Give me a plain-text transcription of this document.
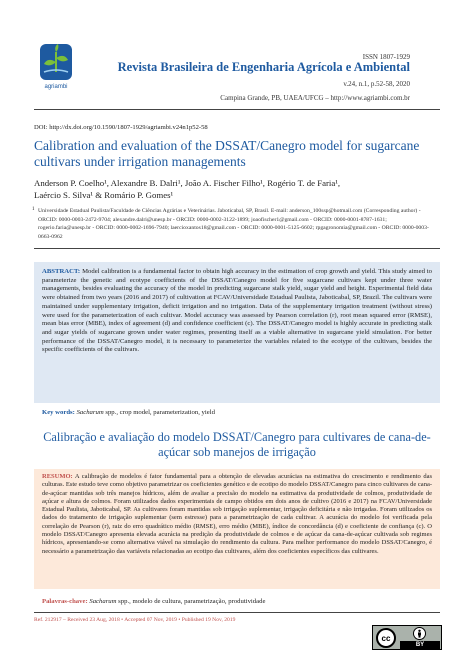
agriambi
ISSN 1807-1929
Revista Brasileira de Engenharia Agrícola e Ambiental
v.24, n.1, p.52-58, 2020
Campina Grande, PB, UAEA/UFCG – http://www.agriambi.com.br
DOI: http://dx.doi.org/10.1590/1807-1929/agriambi.v24n1p52-58
Calibration and evaluation of the DSSAT/Canegro model for sugarcane cultivars under irrigation managements
Anderson P. Coelho¹, Alexandre B. Dalri¹, João A. Fischer Filho¹, Rogério T. de Faria¹,
Laércio S. Silva¹ & Romário P. Gomes¹
1 Universidade Estadual Paulista/Faculdade de Ciências Agrárias e Veterinárias. Jaboticabal, SP, Brasil. E-mail: anderson_100ssp@hotmail.com (Corresponding author) - ORCID: 0000-0003-2472-9704; alexandre.dalri@unesp.br - ORCID: 0000-0002-3122-1899; joaofischer1@gmail.com - ORCID: 0000-0001-8787-1631; rogerio.faria@unesp.br - ORCID: 0000-0002-1696-7940; laercioxantos18@gmail.com - ORCID: 0000-0001-5125-6602; rpgagronomia@gmail.com - ORCID: 0000-0003-0663-0962
ABSTRACT: Model calibration is a fundamental factor to obtain high accuracy in the estimation of crop growth and yield. This study aimed to parameterize the genetic and ecotype coefficients of the DSSAT/Canegro model for five sugarcane cultivars kept under three water managements, besides evaluating the accuracy of the model in predicting sugarcane stalk yield, sugar yield and height. Experimental field data were obtained from two years (2016 and 2017) of cultivation at FCAV/Universidade Estadual Paulista, Jaboticabal, SP, Brazil. The cultivars were maintained under supplementary irrigation, deficit irrigation and no irrigation. Data of the supplementary irrigation treatment (without stress) were used for the parameterization of each cultivar. Model accuracy was assessed by Pearson correlation (r), root mean squared error (RMSE), mean bias error (MBE), index of agreement (d) and confidence coefficient (c). The DSSAT/Canegro model is highly accurate in predicting stalk and sugar yields of sugarcane grown under water regimes, presenting itself as a viable alternative in sugarcane yield simulation. For better performance of the DSSAT/Canegro model, it is necessary to parameterize the variables related to the ecotype of the cultivars, besides the specific coefficients of the cultivars.
Key words: Sacharum spp., crop model, parameterization, yield
Calibração e avaliação do modelo DSSAT/Canegro para cultivares de cana-de-açúcar sob manejos de irrigação
RESUMO: A calibração de modelos é fator fundamental para a obtenção de elevadas acurácias na estimativa do crescimento e rendimento das culturas. Este estudo teve como objetivo parametrizar os coeficientes genético e de ecotipo do modelo DSSAT/Canegro para cinco cultivares de cana-de-açúcar mantidas sob três manejos hídricos, além de avaliar a precisão do modelo na estimativa da produtividade de colmos, produtividade de açúcar e altura de colmos. Foram utilizados dados experimentais de campo obtidos em dois anos de cultivo (2016 e 2017) na FCAV/Universidade Estadual Paulista, Jaboticabal, SP. As cultivares foram mantidas sob irrigação suplementar, irrigação deficitária e não irrigadas. Foram utilizados os dados do tratamento de irrigação suplementar (sem estresse) para a parametrização de cada cultivar. A acurácia do modelo foi verificada pela correlação de Pearson (r), raiz do erro quadrático médio (RMSE), erro médio (MBE), índice de concordância (d) e coeficiente de confiança (c). O modelo DSSAT/Canegro apresenta elevada acurácia na predição da produtividade de colmos e de açúcar da cana-de-açúcar cultivada sob regimes hídricos, apresentando-se como alternativa viável na simulação do rendimento da cultura. Para melhor performance do modelo DSSAT/Canegro, é necessário a parametrização das variáveis relacionadas ao ecotipo das cultivares, além dos coeficientes específicos das cultivares.
Palavras-chave: Sacharum spp., modelo de cultura, parametrização, produtividade
Ref. 212917 – Received 23 Aug, 2018 • Accepted 07 Nov, 2019 • Published 19 Nov, 2019
cc
BY
